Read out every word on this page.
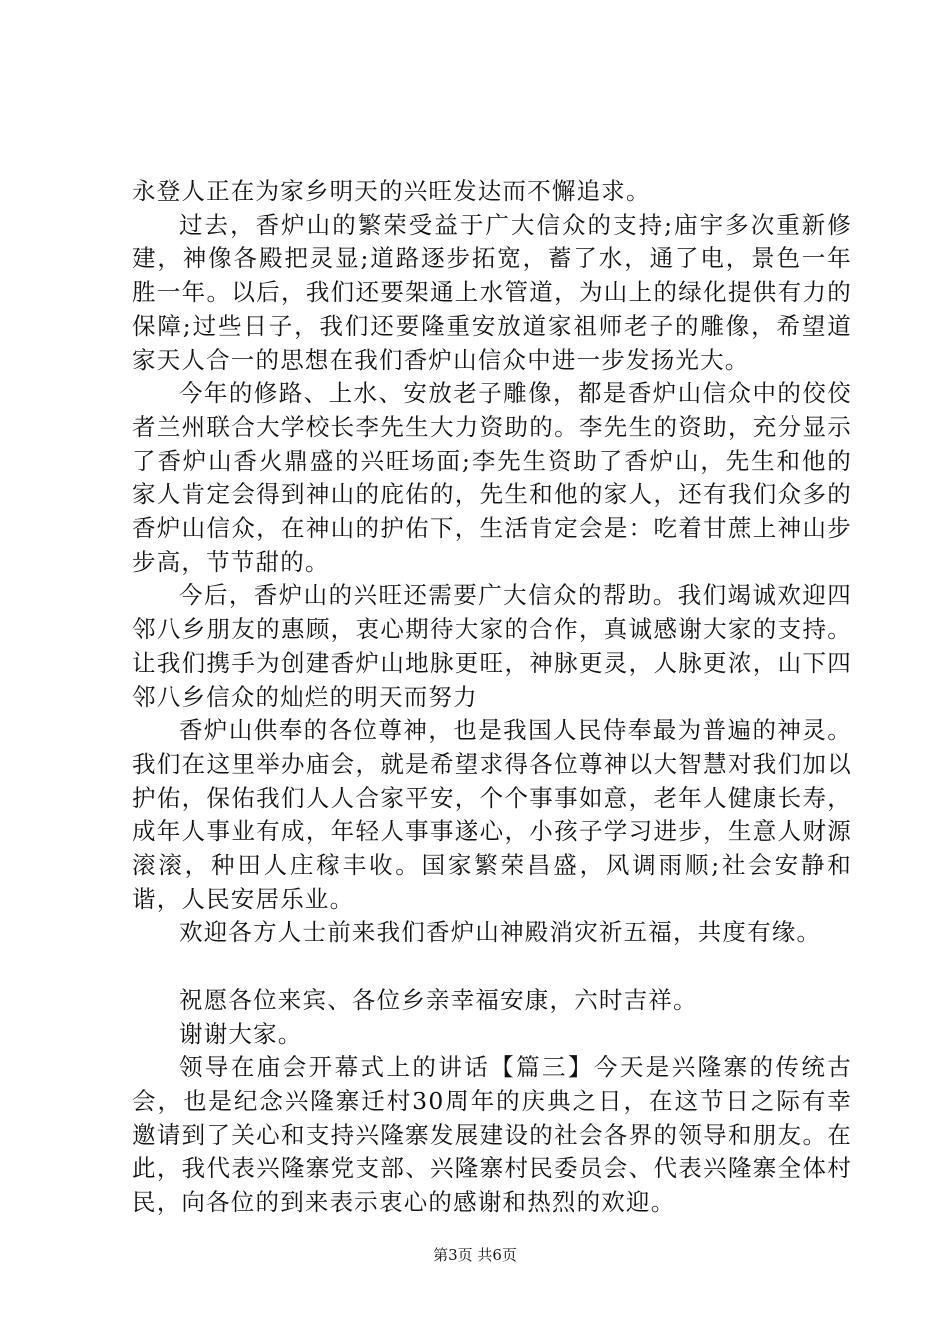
永登人正在为家乡明天的兴旺发达而不懈追求。

过去，香炉山的繁荣受益于广大信众的支持;庙宇多次重新修建，神像各殿把灵显;道路逐步拓宽，蓄了水，通了电，景色一年胜一年。以后，我们还要架通上水管道，为山上的绿化提供有力的保障;过些日子，我们还要隆重安放道家祖师老子的雕像，希望道家天人合一的思想在我们香炉山信众中进一步发扬光大。

今年的修路、上水、安放老子雕像，都是香炉山信众中的佼佼者兰州联合大学校长李先生大力资助的。李先生的资助，充分显示了香炉山香火鼎盛的兴旺场面;李先生资助了香炉山，先生和他的家人肯定会得到神山的庇佑的，先生和他的家人，还有我们众多的香炉山信众，在神山的护佑下，生活肯定会是：吃着甘蔗上神山步步高，节节甜的。

今后，香炉山的兴旺还需要广大信众的帮助。我们竭诚欢迎四邻八乡朋友的惠顾，衷心期待大家的合作，真诚感谢大家的支持。让我们携手为创建香炉山地脉更旺，神脉更灵，人脉更浓，山下四邻八乡信众的灿烂的明天而努力

香炉山供奉的各位尊神，也是我国人民侍奉最为普遍的神灵。我们在这里举办庙会，就是希望求得各位尊神以大智慧对我们加以护佑，保佑我们人人合家平安，个个事事如意，老年人健康长寿，成年人事业有成，年轻人事事遂心，小孩子学习进步，生意人财源滚滚，种田人庄稼丰收。国家繁荣昌盛，风调雨顺;社会安静和谐，人民安居乐业。

欢迎各方人士前来我们香炉山神殿消灾祈五福，共度有缘。

祝愿各位来宾、各位乡亲幸福安康，六时吉祥。

谢谢大家。

领导在庙会开幕式上的讲话【篇三】今天是兴隆寨的传统古会，也是纪念兴隆寨迁村30周年的庆典之日，在这节日之际有幸邀请到了关心和支持兴隆寨发展建设的社会各界的领导和朋友。在此，我代表兴隆寨党支部、兴隆寨村民委员会、代表兴隆寨全体村民，向各位的到来表示衷心的感谢和热烈的欢迎。

第3页 共6页
